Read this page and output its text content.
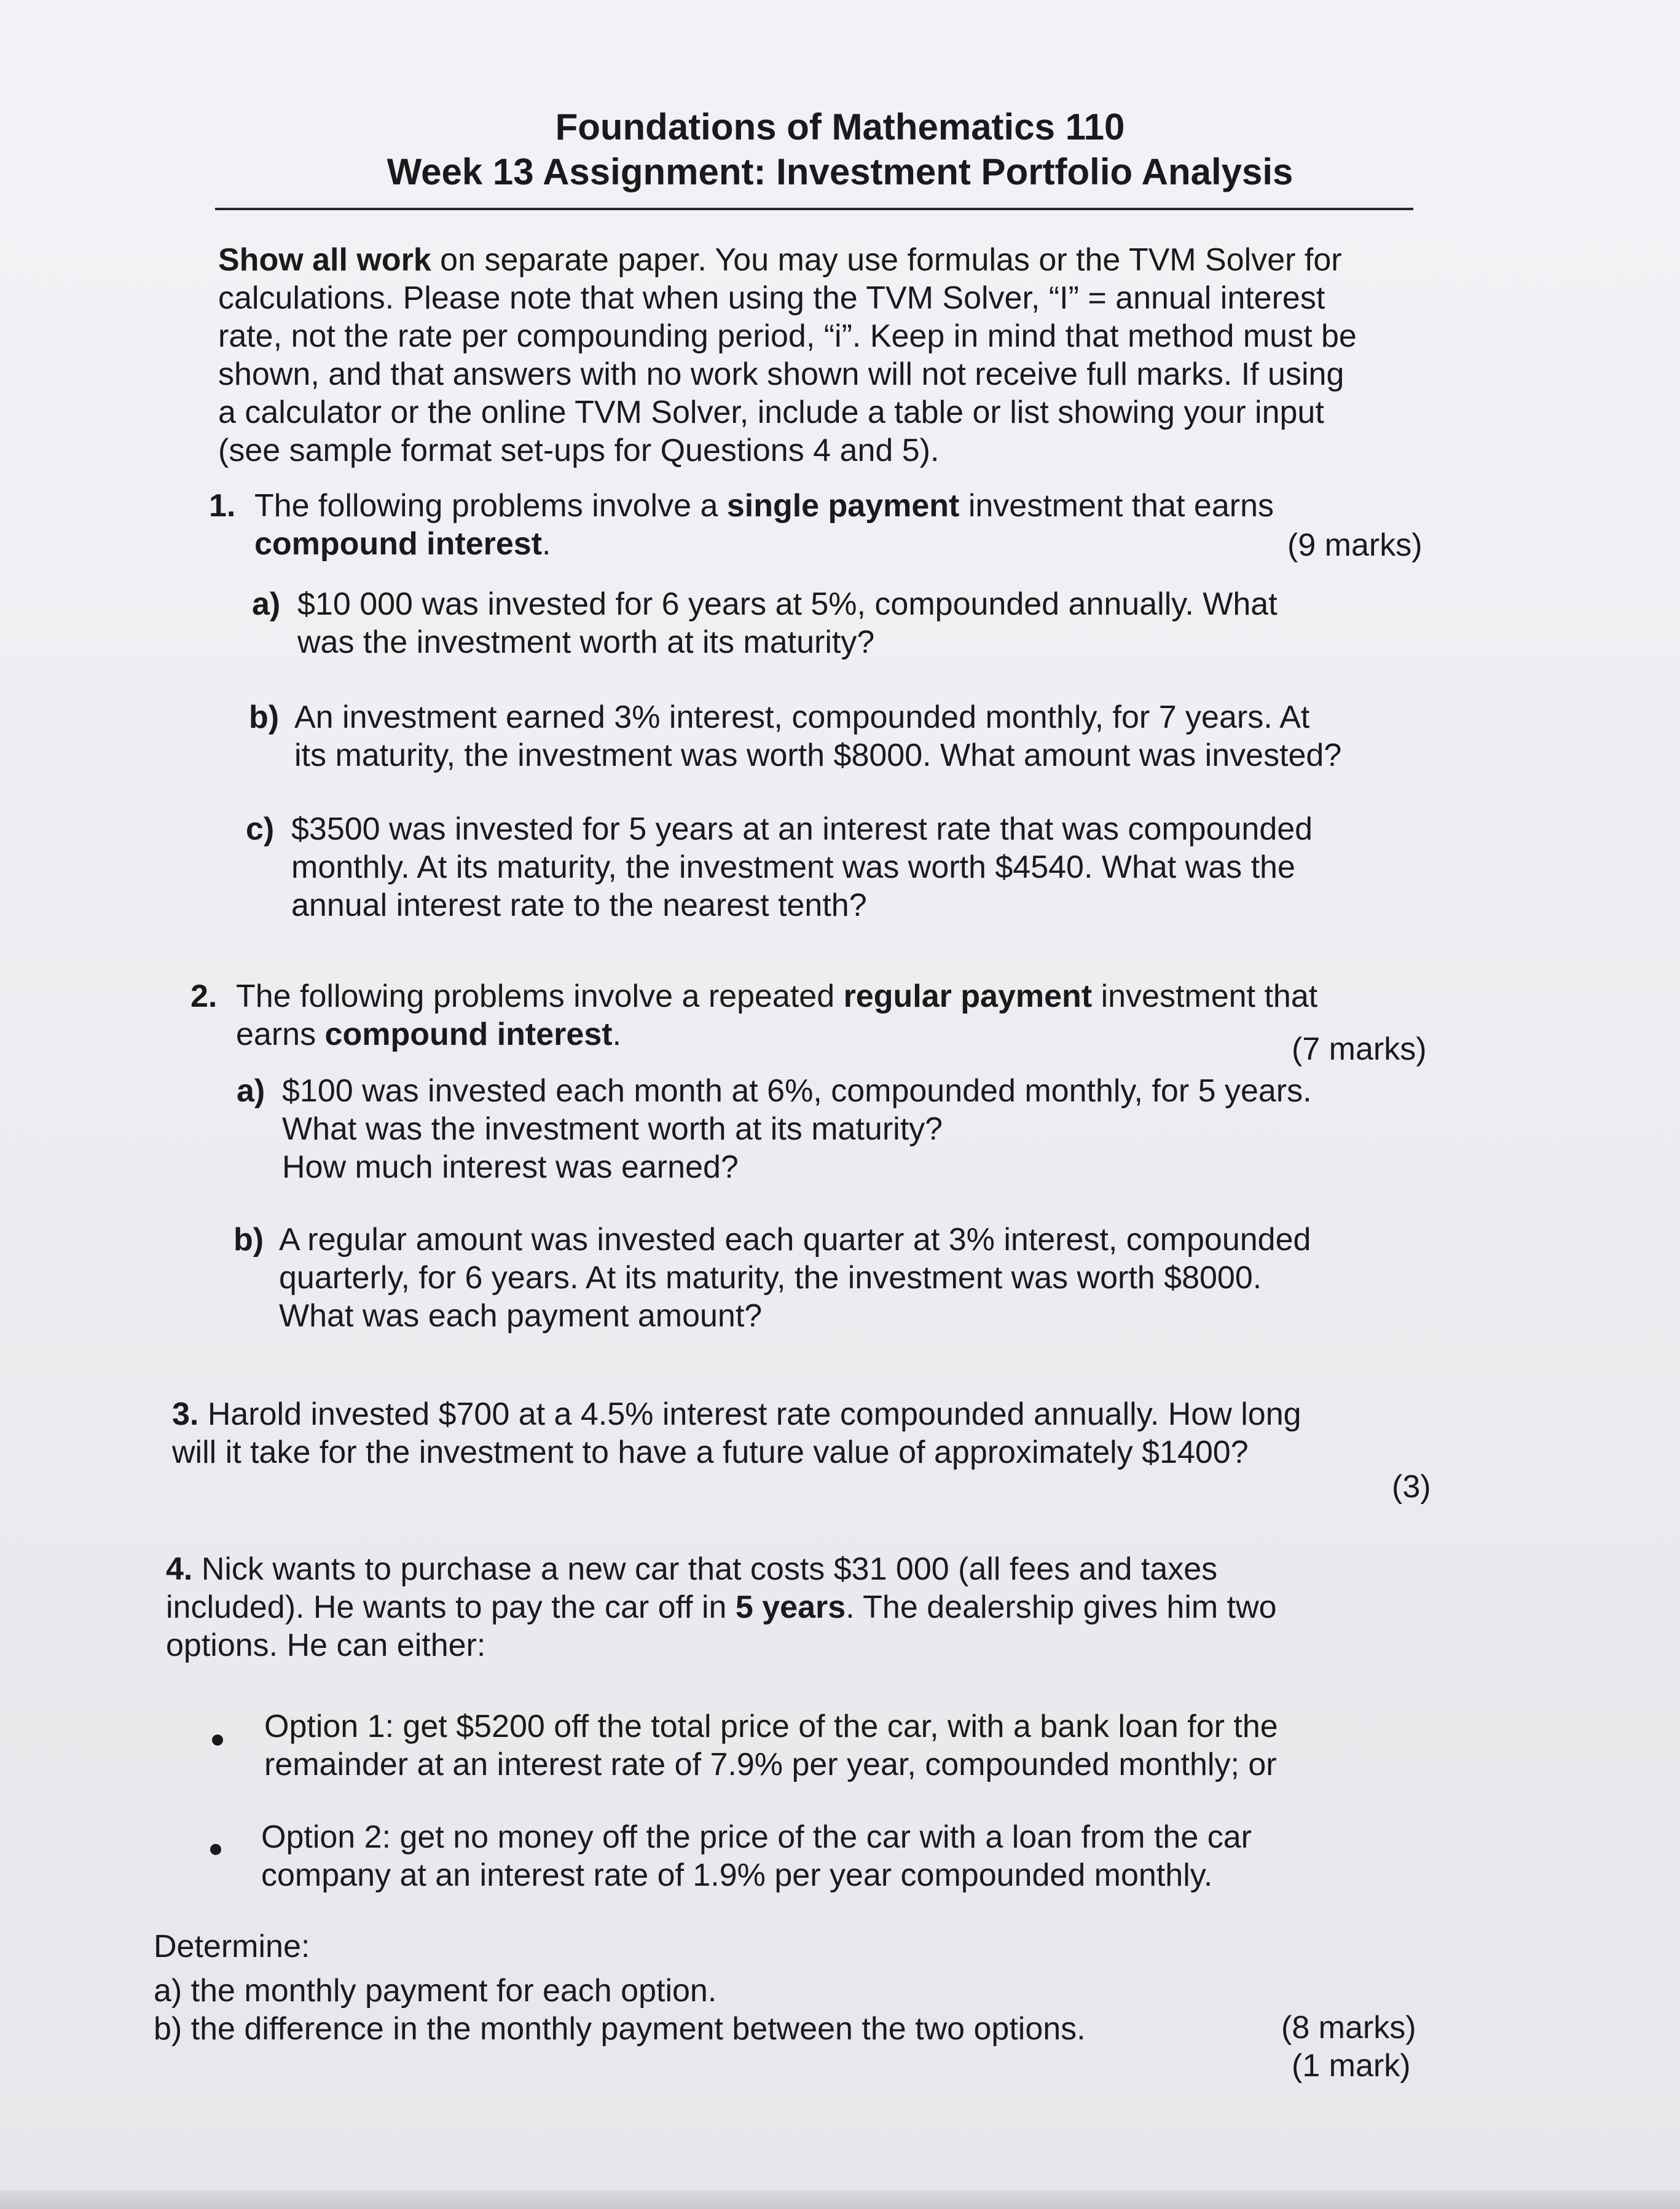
Foundations of Mathematics 110
Week 13 Assignment: Investment Portfolio Analysis

Show all work on separate paper. You may use formulas or the TVM Solver for

calculations. Please note that when using the TVM Solver, “I” = annual interest

rate, not the rate per compounding period, “i”. Keep in mind that method must be

shown, and that answers with no work shown will not receive full marks. If using

a calculator or the online TVM Solver, include a table or list showing your input

(see sample format set-ups for Questions 4 and 5).

1. The following problems involve a single payment investment that earns

compound interest.	(9 marks)

a) $10 000 was invested for 6 years at 5%, compounded annually. What

was the investment worth at its maturity?

b) An investment earned 3% interest, compounded monthly, for 7 years. At

its maturity, the investment was worth $8000. What amount was invested?

c) $3500 was invested for 5 years at an interest rate that was compounded

monthly. At its maturity, the investment was worth $4540. What was the

annual interest rate to the nearest tenth?

2. The following problems involve a repeated regular payment investment that

earns compound interest.	(7 marks)

a) $100 was invested each month at 6%, compounded monthly, for 5 years.

What was the investment worth at its maturity?

How much interest was earned?

b) A regular amount was invested each quarter at 3% interest, compounded

quarterly, for 6 years. At its maturity, the investment was worth $8000.

What was each payment amount?

3. Harold invested $700 at a 4.5% interest rate compounded annually. How long

will it take for the investment to have a future value of approximately $1400?

(3)

4. Nick wants to purchase a new car that costs $31 000 (all fees and taxes

included). He wants to pay the car off in 5 years. The dealership gives him two

options. He can either:

Option 1: get $5200 off the total price of the car, with a bank loan for the

remainder at an interest rate of 7.9% per year, compounded monthly; or

Option 2: get no money off the price of the car with a loan from the car

company at an interest rate of 1.9% per year compounded monthly.

Determine:

a) the monthly payment for each option.

b) the difference in the monthly payment between the two options.	(8 marks)
(1 mark)
